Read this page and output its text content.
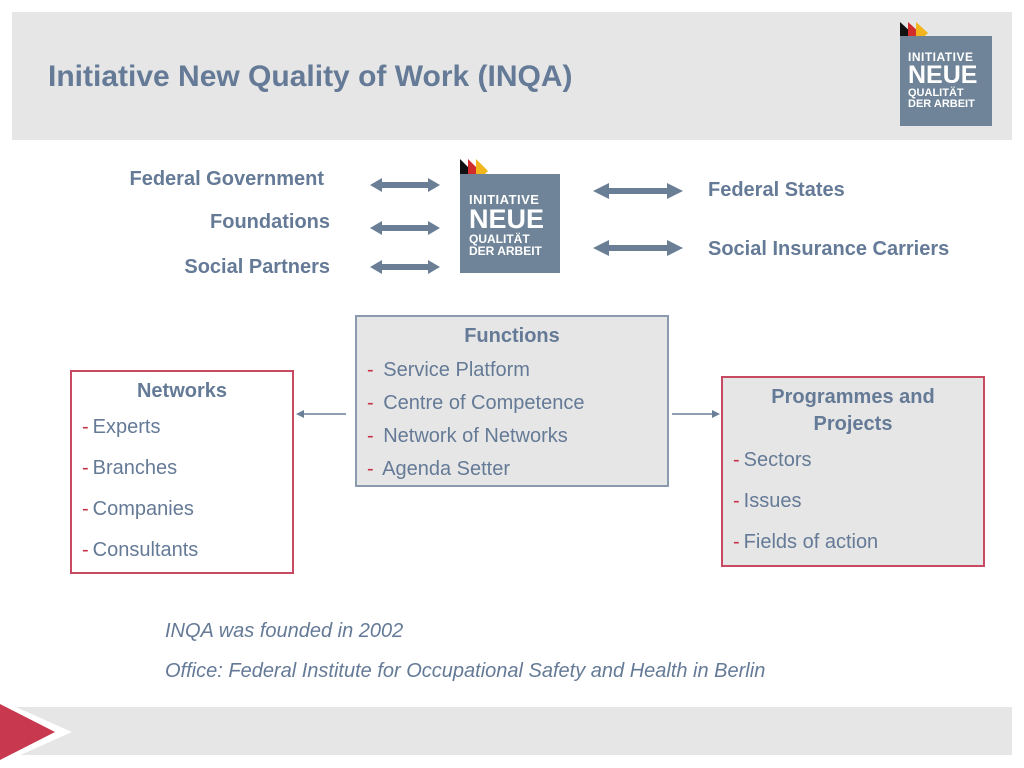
Initiative New Quality of Work (INQA)
INITIATIVE
NEUE
QUALITÄT
DER ARBEIT
Federal Government
Foundations
Social Partners
INITIATIVE
NEUE
QUALITÄT
DER ARBEIT
Federal States
Social Insurance Carriers
Functions
- Service Platform
- Centre of Competence
- Network of Networks
- Agenda Setter
Networks
- Experts
- Branches
- Companies
- Consultants
Programmes and
Projects
- Sectors
- Issues
- Fields of action
INQA was founded in 2002
Office: Federal Institute for Occupational Safety and Health in Berlin
